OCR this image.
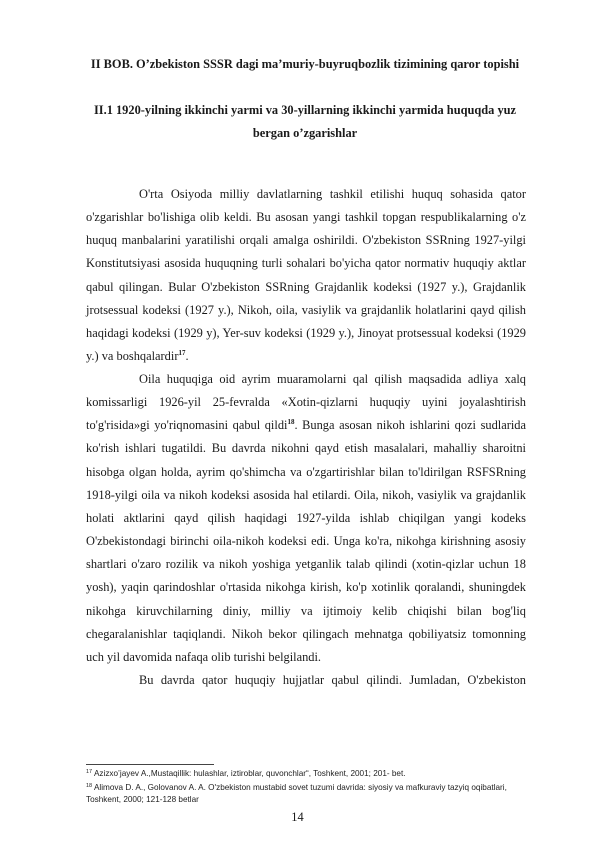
II BOB. O’zbekiston SSSR dagi ma’muriy-buyruqbozlik tizimining qaror topishi
II.1 1920-yilning ikkinchi yarmi va 30-yillarning ikkinchi yarmida huquqda yuz bergan o’zgarishlar
O'rta Osiyoda milliy davlatlarning tashkil etilishi huquq sohasida qator o'zgarishlar bo'lishiga olib keldi. Bu asosan yangi tashkil topgan respublikalarning o'z huquq manbalarini yaratilishi orqali amalga oshirildi. O'zbekiston SSRning 1927-yilgi Konstitutsiyasi asosida huquqning turli sohalari bo'yicha qator normativ huquqiy aktlar qabul qilingan. Bular O'zbekiston SSRning Grajdanlik kodeksi (1927 y.), Grajdanlik jrotsessual kodeksi (1927 y.), Nikoh, oila, vasiylik va grajdanlik holatlarini qayd qilish haqidagi kodeksi (1929 y), Yer-suv kodeksi (1929 y.), Jinoyat protsessual kodeksi (1929 y.) va boshqalardir$^{17}$.
Oila huquqiga oid ayrim muaramolarni qal qilish maqsadida adliya xalq komissarligi 1926-yil 25-fevralda «Xotin-qizlarni huquqiy uyini joyalashtirish to'g'risida»gi yo'riqnomasini qabul qildi$^{18}$. Bunga asosan nikoh ishlarini qozi sudlarida ko'rish ishlari tugatildi. Bu davrda nikohni qayd etish masalalari, mahalliy sharoitni hisobga olgan holda, ayrim qo'shimcha va o'zgartirishlar bilan to'ldirilgan RSFSRning 1918-yilgi oila va nikoh kodeksi asosida hal etilardi. Oila, nikoh, vasiylik va grajdanlik holati aktlarini qayd qilish haqidagi 1927-yilda ishlab chiqilgan yangi kodeks O'zbekistondagi birinchi oila-nikoh kodeksi edi. Unga ko'ra, nikohga kirishning asosiy shartlari o'zaro rozilik va nikoh yoshiga yetganlik talab qilindi (xotin-qizlar uchun 18 yosh), yaqin qarindoshlar o'rtasida nikohga kirish, ko'p xotinlik qoralandi, shuningdek nikohga kiruvchilarning diniy, milliy va ijtimoiy kelib chiqishi bilan bog'liq chegaralanishlar taqiqlandi. Nikoh bekor qilingach mehnatga qobiliyatsiz tomonning uch yil davomida nafaqa olib turishi belgilandi.
Bu davrda qator huquqiy hujjatlar qabul qilindi. Jumladan, O'zbekiston
$^{17}$ Azizxo’jayev A.,Mustaqillik: hulashlar, iztiroblar, quvonchlar“, Toshkent, 2001; 201- bet.
$^{18}$ Alimova D. A., Golovanov A. A. O'zbekiston mustabid sovet tuzumi davrida: siyosiy va mafkuraviy tazyiq oqibatlari, Toshkent, 2000; 121-128 betlar
14
